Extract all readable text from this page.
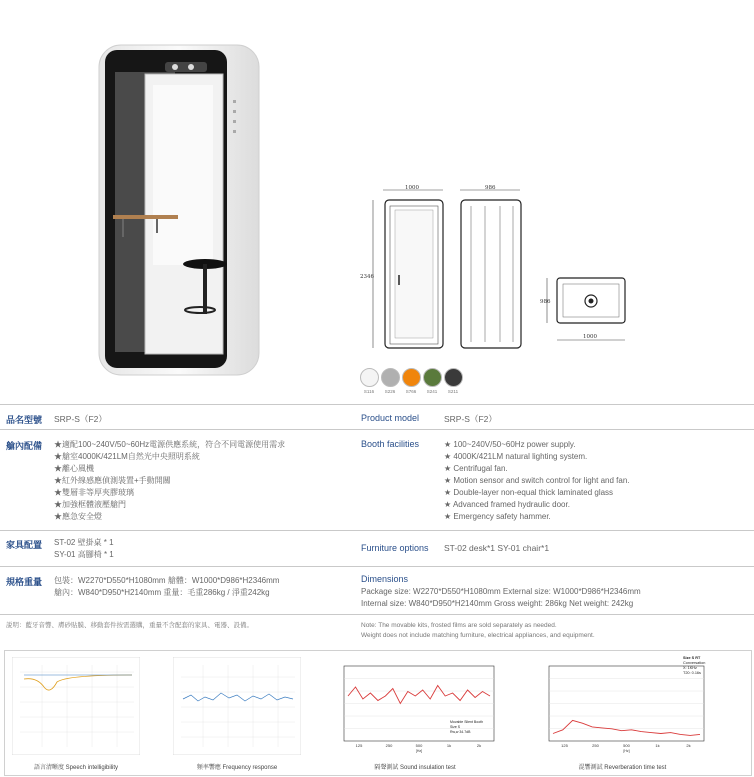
1000
2346
986
986
1000
S116	S226	S766	S241	S211
品名型號 SRP-S（F2）	Product model	SRP-S（F2）
艙內配備 ★適配100~240V/50~60Hz電源供應系統，符合不同電源使用需求
★艙室4000K/421LM自然光中央照明系統
★離心風機
★紅外線感應偵測裝置+手動開關
★雙層非等厚夾膠玻璃
★加強框體液壓艙門
★應急安全燈
Booth facilities	★ 100~240V/50~60Hz power supply.
★ 4000K/421LM natural lighting system.
★ Centrifugal fan.
★ Motion sensor and switch control for light and fan.
★ Double-layer non-equal thick laminated glass
★ Advanced framed hydraulic door.
★ Emergency safety hammer.
家具配置 ST-02 壁掛桌 * 1
SY-01 高腳椅 * 1
Furniture options ST-02 desk*1 SY-01 chair*1
規格重量 包裝：W2270*D550*H1080mm 艙體：W1000*D986*H2346mm
艙內：W840*D950*H2140mm 重量：毛重286kg / 淨重242kg
Dimensions
Package size: W2270*D550*H1080mm External size: W1000*D986*H2346mm
Internal size: W840*D950*H2140mm Gross weight: 286kg Net weight: 242kg
説明：藍牙音響、膚砂貼膜、移動套件按需選購，重量不含配套的家具、電器、設備。	Note: The movable kits, frosted films are sold separately as needed.
Weight does not include matching furniture, electrical appliances, and equipment.
語言清晰度 Speech intelligibility	頻率響應 Frequency response
125	250	500	1k	2k
[Hz]
Movable Silent Booth
Size S
Rw,w 34.7dB
隔聲測試 Sound insulation test
125	250	500	1k	2k
[Hz]
Size S RT
Conversation
X: 1KHz
T20: 0.16s
混響測試 Reverberation time test
